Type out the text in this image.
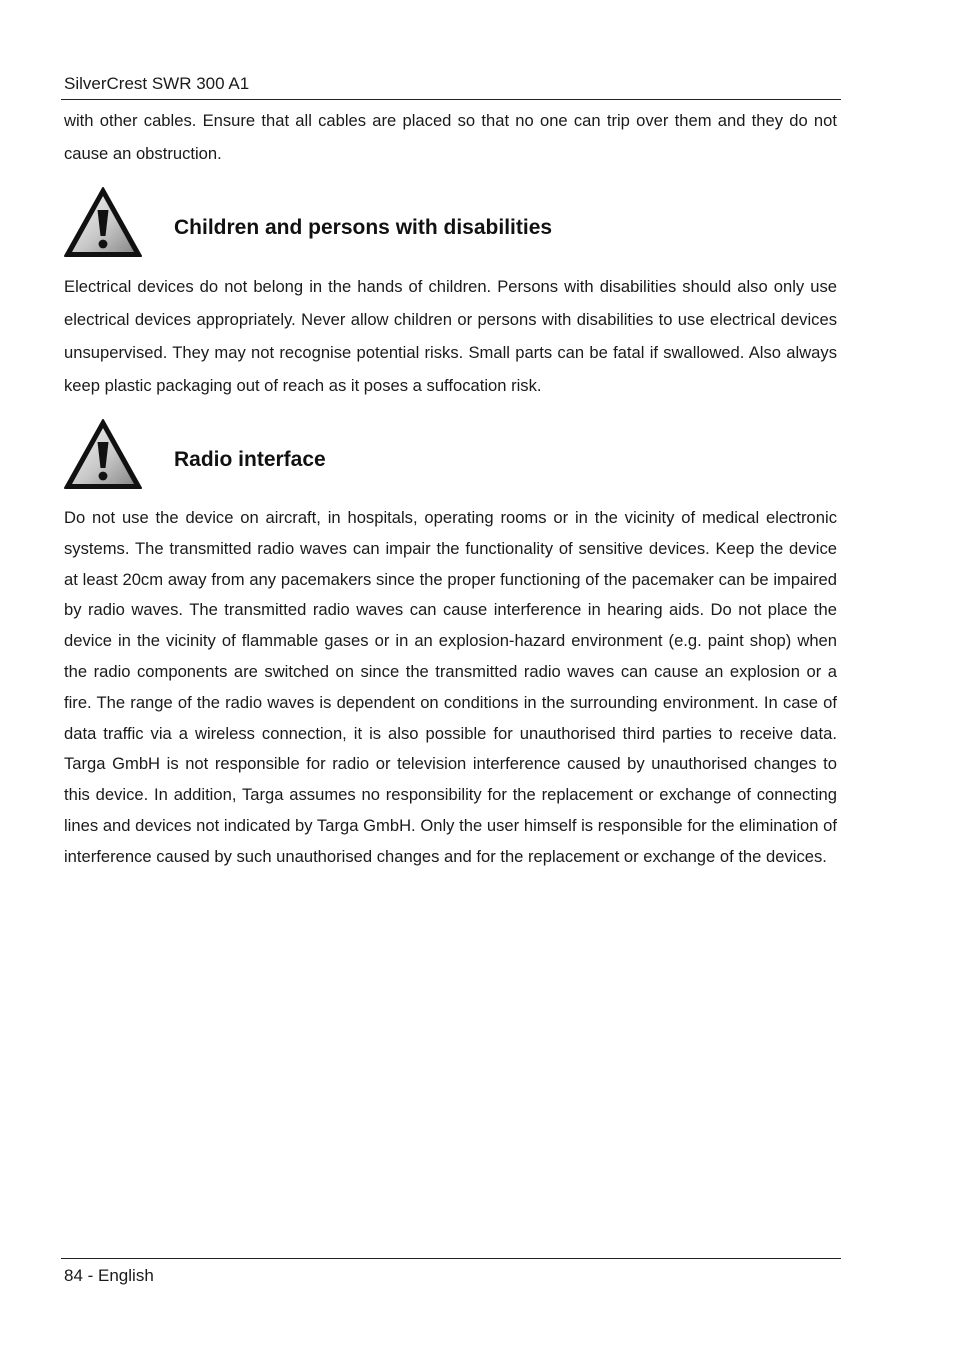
SilverCrest SWR 300 A1

with other cables. Ensure that all cables are placed so that no one can trip over them and they do not cause an obstruction.

Children and persons with disabilities

Electrical devices do not belong in the hands of children. Persons with disabilities should also only use electrical devices appropriately. Never allow children or persons with disabilities to use electrical devices unsupervised. They may not recognise potential risks. Small parts can be fatal if swallowed. Also always keep plastic packaging out of reach as it poses a suffocation risk.

Radio interface

Do not use the device on aircraft, in hospitals, operating rooms or in the vicinity of medical electronic systems. The transmitted radio waves can impair the functionality of sensitive devices. Keep the device at least 20cm away from any pacemakers since the proper functioning of the pacemaker can be impaired by radio waves. The transmitted radio waves can cause interference in hearing aids. Do not place the device in the vicinity of flammable gases or in an explosion-hazard environment (e.g. paint shop) when the radio components are switched on since the transmitted radio waves can cause an explosion or a fire. The range of the radio waves is dependent on conditions in the surrounding environment. In case of data traffic via a wireless connection, it is also possible for unauthorised third parties to receive data. Targa GmbH is not responsible for radio or television interference caused by unauthorised changes to this device. In addition, Targa assumes no responsibility for the replacement or exchange of connecting lines and devices not indicated by Targa GmbH. Only the user himself is responsible for the elimination of interference caused by such unauthorised changes and for the replacement or exchange of the devices.

84 - English
